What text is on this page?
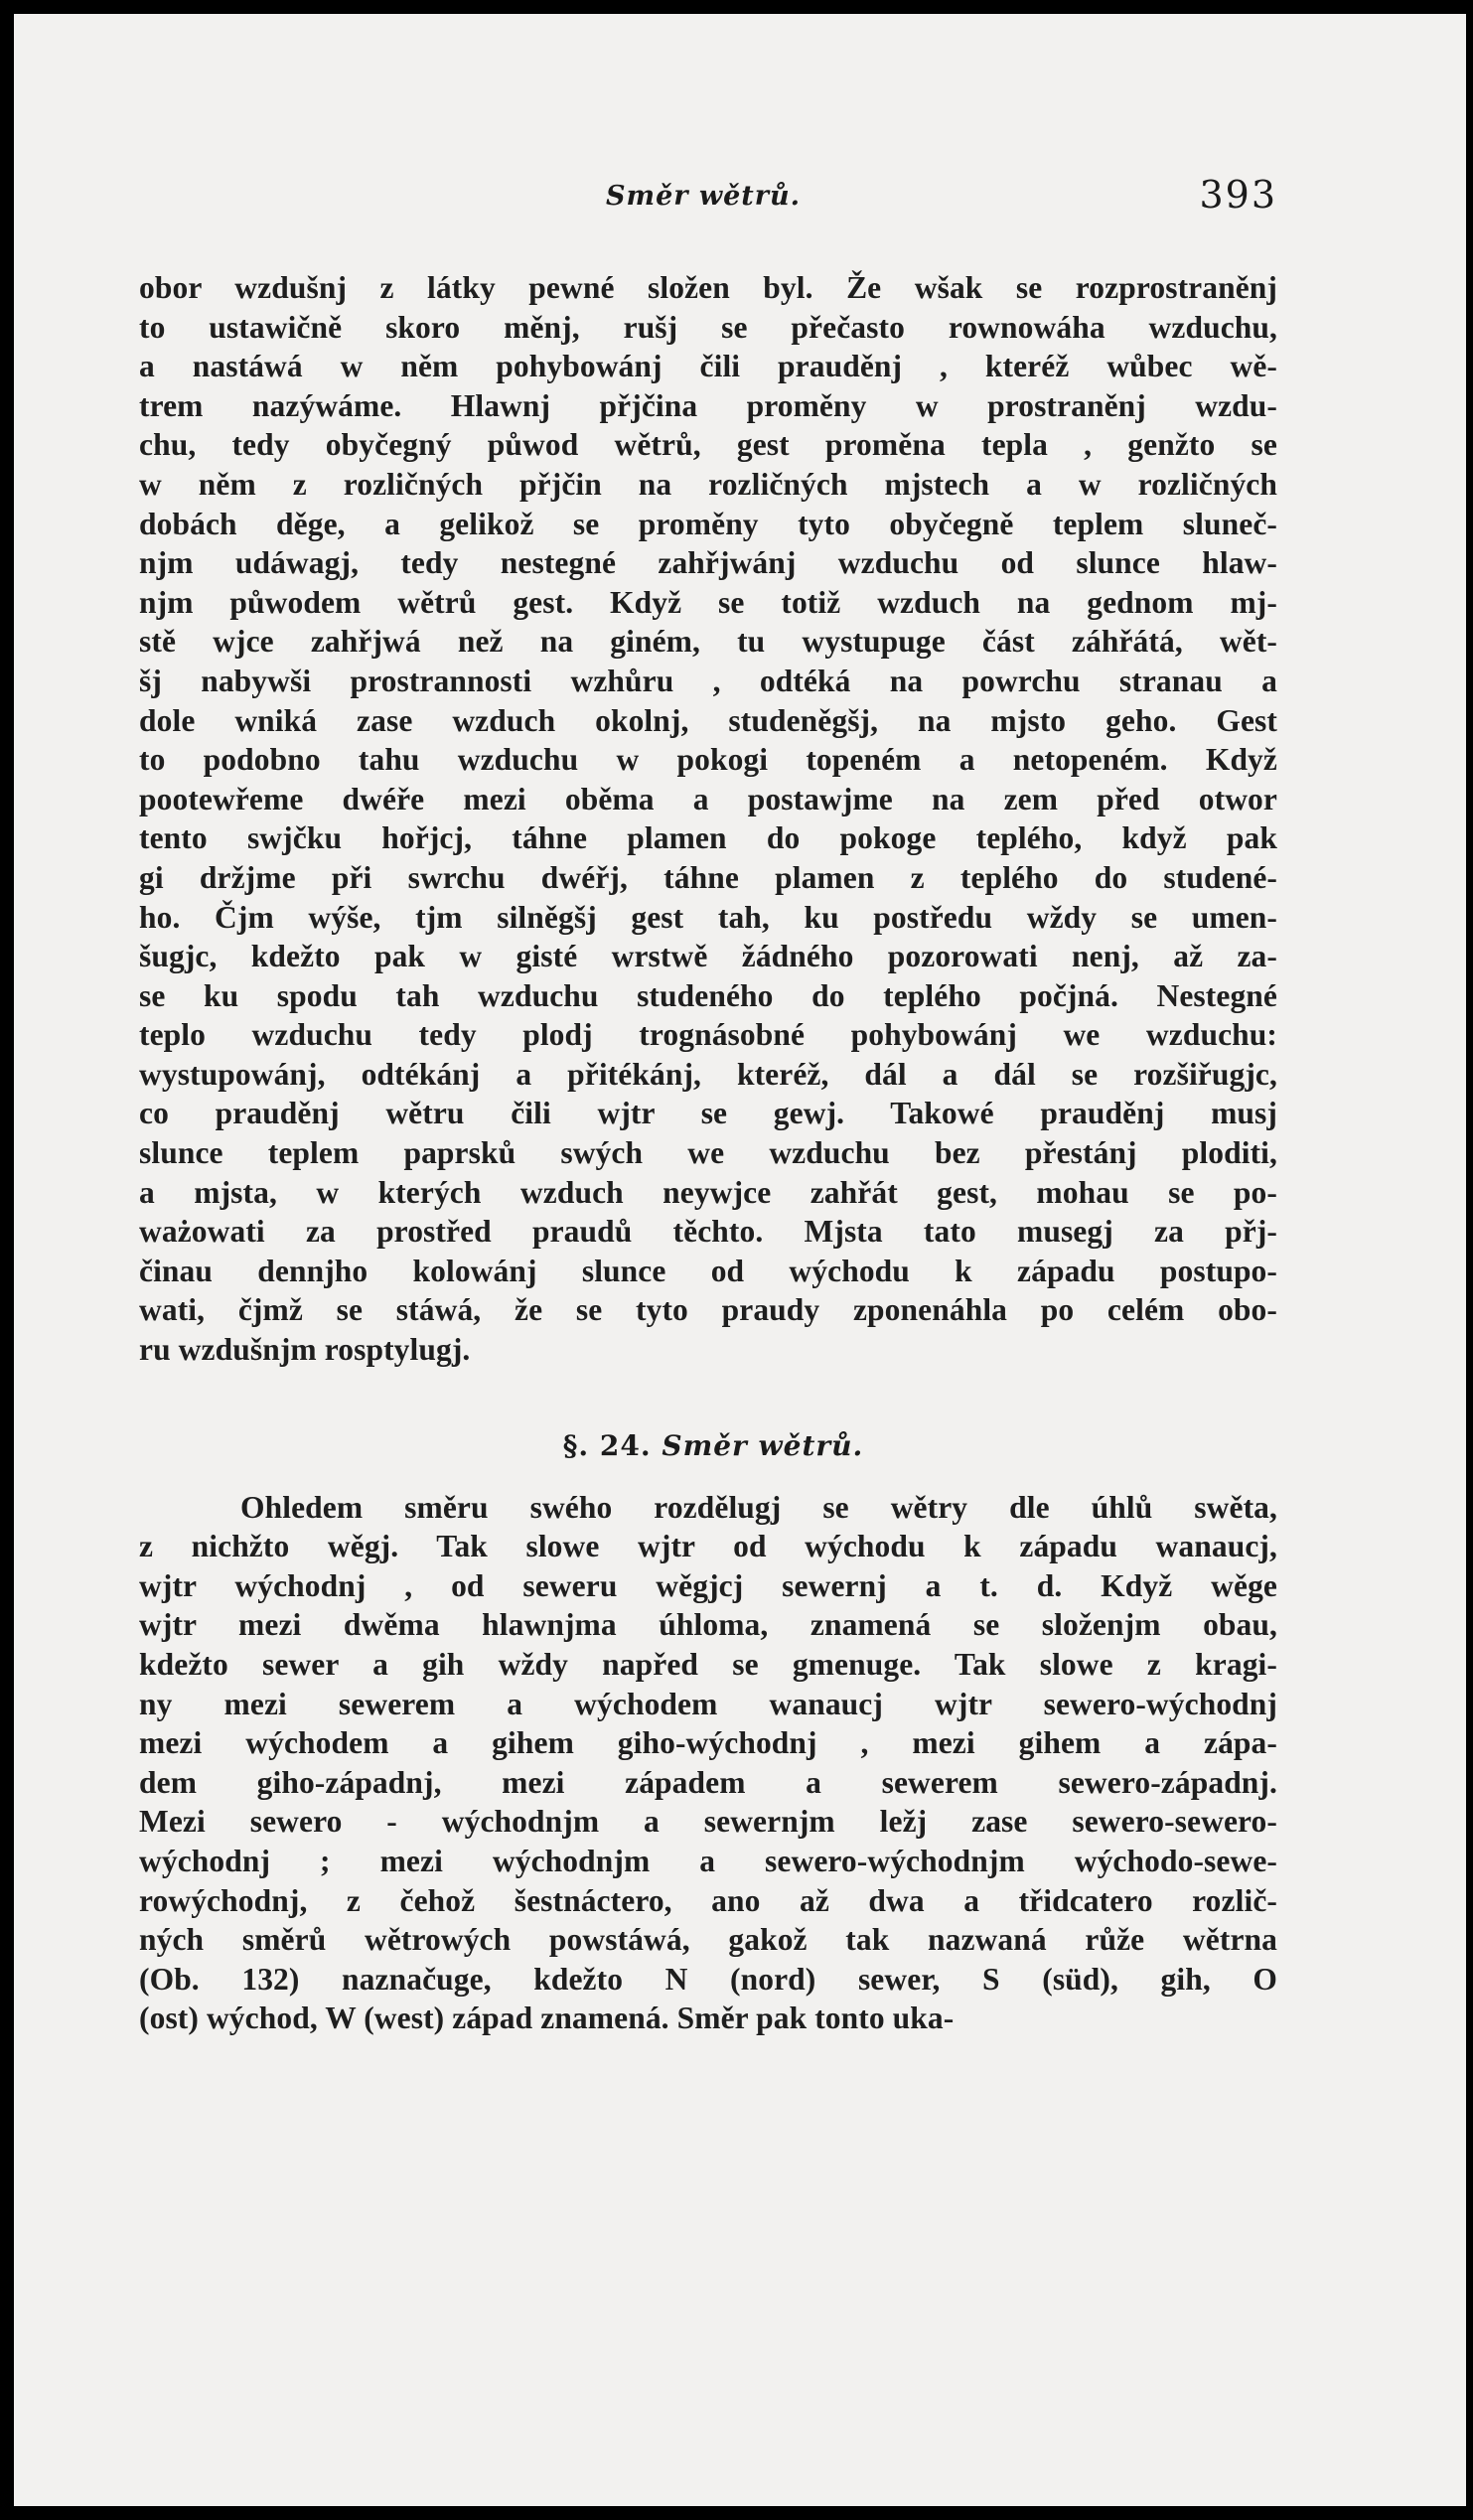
Směr wětrů.	393
obor wzdušnj z látky pewné složen byl. Že wšak se rozprostraněnj
to ustawičně skoro měnj, rušj se přečasto rownowáha wzduchu,
a nastáwá w něm pohybowánj čili prauděnj , kteréž wůbec wě-
trem nazýwáme. Hlawnj přjčina proměny w prostraněnj wzdu-
chu, tedy obyčegný půwod wětrů, gest proměna tepla , genžto se
w něm z rozličných přjčin na rozličných mjstech a w rozličných
dobách děge, a gelikož se proměny tyto obyčegně teplem slunеč-
njm udáwagj, tedy nestegné zahřjwánj wzduchu od slunce hlaw-
njm půwodem wětrů gest. Když se totiž wzduch na gednom mj-
stě wjce zahřjwá než na giném, tu wystupuge část záhřátá, wět-
šj nabywši prostrannosti wzhůru , odtéká na powrchu stranau a
dole wniká zase wzduch okolnj, studeněgšj, na mjsto geho. Gest
to podobno tahu wzduchu w pokogi topeném a netopeném. Když
pootewřeme dwéře mezi oběma a postawjme na zem před otwor
tento swjčku hořjcj, táhne plamen do pokoge teplého, když pak
gi držjme při swrchu dwéřj, táhne plamen z teplého do studené-
ho. Čjm wýše, tjm silněgšj gest tah, ku postředu wždy se umen-
šugjc, kdežto pak w gisté wrstwě žádného pozorowati nenj, až za-
se ku spodu tah wzduchu studeného do teplého počjná. Nestegné
teplo wzduchu tedy plodj trognásobné pohybowánj we wzduchu:
wystupowánj, odtékánj a přitékánj, kteréž, dál a dál se rozšiřugjc,
co prauděnj wětru čili wjtr se gewj. Takowé prauděnj musj
slunce teplem paprsků swých we wzduchu bez přestánj ploditi,
a mjsta, w kterých wzduch neywjce zahřát gest, mohau se po-
ważowati za prostřed praudů těchto. Mjsta tato musegj za přj-
činau dennjho kolowánj slunce od wýchodu k západu postupo-
wati, čjmž se stáwá, že se tyto praudy zponenáhla po celém obo-
ru wzdušnjm rosptylugj.
§. 24. Směr wětrů.
Ohledem směru swého rozdělugj se wětry dle úhlů swěta,
z nichžto wěgj. Tak slowe wjtr od wýchodu k západu wanaucj,
wjtr wýchodnj , od sewеru wěgjcj sewernj a t. d. Když wěge
wjtr mezi dwěma hlawnjma úhloma, znamená se složenjm obau,
kdežto sewer a gih wždy napřed se gmenuge. Tak slowe z kragi-
ny mezi sewerem a wýchodem wanaucj wjtr sewero-wýchodnj
mezi wýchodem a gihem giho-wýchodnj , mezi gihem a zápa-
dem giho-západnj, mezi západem a sewerem sewero-západnj.
Mezi sewero - wýchodnjm a sewernjm ležj zase sewero-sewero-
wýchodnj ; mezi wýchodnjm a sewero-wýchodnjm wýchodo-sewe-
rowýchodnj, z čehož šestnáctero, ano až dwa a třidcatero rozlič-
ných směrů wětrowých powstáwá, gakož tak nazwaná růže wětrna
(Ob. 132) naznačuge, kdežto N (nord) sewer, S (süd), gih, O
(ost) wýchod, W (west) západ znamená. Směr pak tonto uka-
